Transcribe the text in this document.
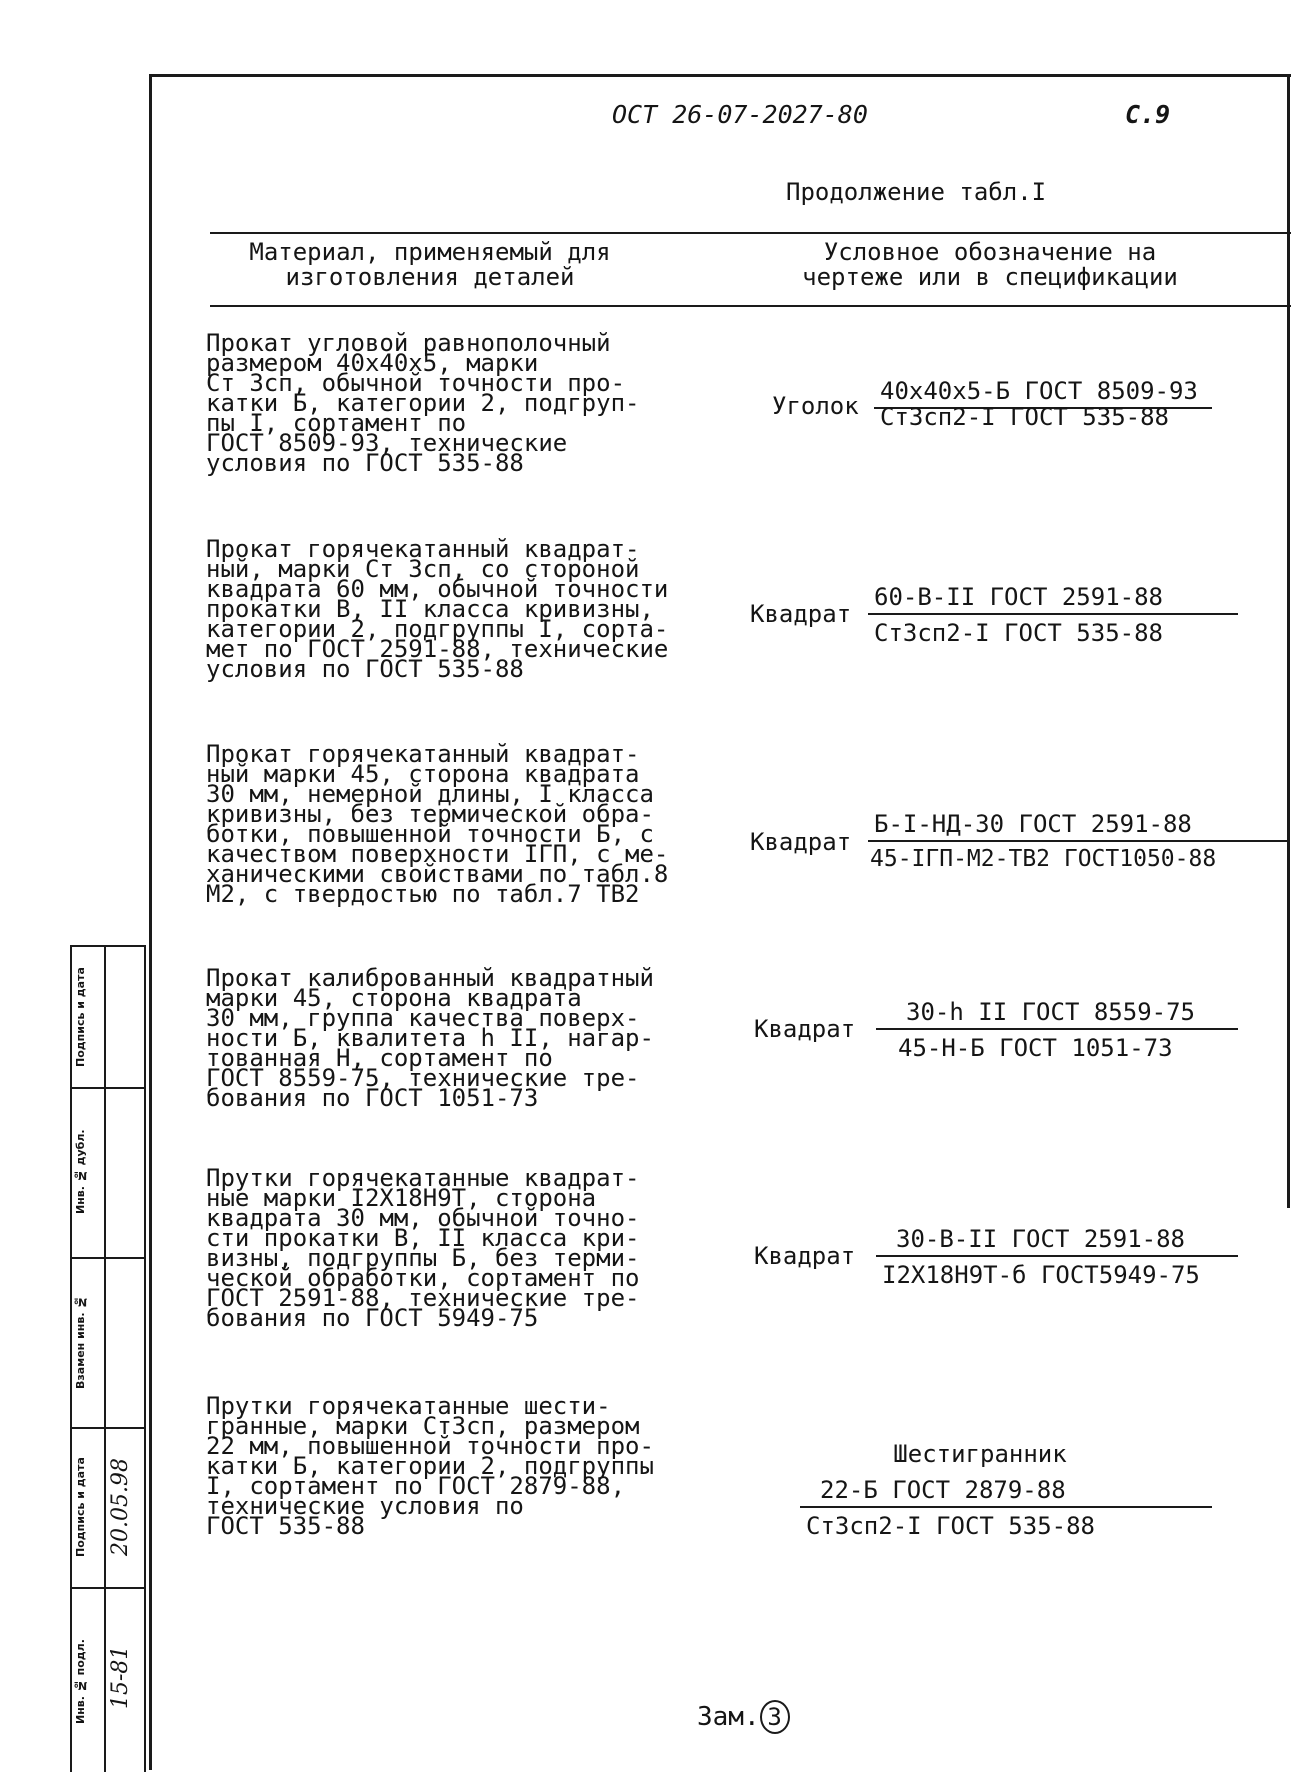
ОСТ 26-07-2027-80	С.9
Продолжение табл.I
Материал, применяемый для изготовления деталей
Условное обозначение на чертеже или в спецификации
Прокат угловой равнополочный
размером 40х40х5, марки
Ст 3сп, обычной точности про-
катки Б, категории 2, подгруп-
пы I, сортамент по
ГОСТ 8509-93, технические
условия по ГОСТ 535-88
Уголок
40х40х5-Б ГОСТ 8509-93
Ст3сп2-I ГОСТ 535-88
Прокат горячекатанный квадрат-
ный, марки Ст 3сп, со стороной
квадрата 60 мм, обычной точности
прокатки В, II класса кривизны,
категории 2, подгруппы I, сорта-
мет по ГОСТ 2591-88, технические
условия по ГОСТ 535-88
Квадрат
60-В-II ГОСТ 2591-88
Ст3сп2-I ГОСТ 535-88
Прокат горячекатанный квадрат-
ный марки 45, сторона квадрата
30 мм, немерной длины, I класса
кривизны, без термической обра-
ботки, повышенной точности Б, с
качеством поверхности IГП, с ме-
ханическими свойствами по табл.8
М2, с твердостью по табл.7 ТВ2
Квадрат
Б-I-НД-30 ГОСТ 2591-88
45-IГП-М2-ТВ2 ГОСТ1050-88
Прокат калиброванный квадратный
марки 45, сторона квадрата
30 мм, группа качества поверх-
ности Б, квалитета h II, нагар-
тованная Н, сортамент по
ГОСТ 8559-75, технические тре-
бования по ГОСТ 1051-73
Квадрат
30-h II ГОСТ 8559-75
45-Н-Б ГОСТ 1051-73
Прутки горячекатанные квадрат-
ные марки I2Х18Н9Т, сторона
квадрата 30 мм, обычной точно-
сти прокатки В, II класса кри-
визны, подгруппы Б, без терми-
ческой обработки, сортамент по
ГОСТ 2591-88, технические тре-
бования по ГОСТ 5949-75
Квадрат
30-В-II ГОСТ 2591-88
I2Х18Н9Т-б ГОСТ5949-75
Прутки горячекатанные шести-
гранные, марки Ст3сп, размером
22 мм, повышенной точности про-
катки Б, категории 2, подгруппы
I, сортамент по ГОСТ 2879-88,
технические условия по
ГОСТ 535-88
Шестигранник
22-Б ГОСТ 2879-88
Ст3сп2-I ГОСТ 535-88
Зам. 3
Подпись и дата
Инв. № дубл.
Взамен инв. №
Подпись и дата
Инв. № подл.
20.05.98
15-81
